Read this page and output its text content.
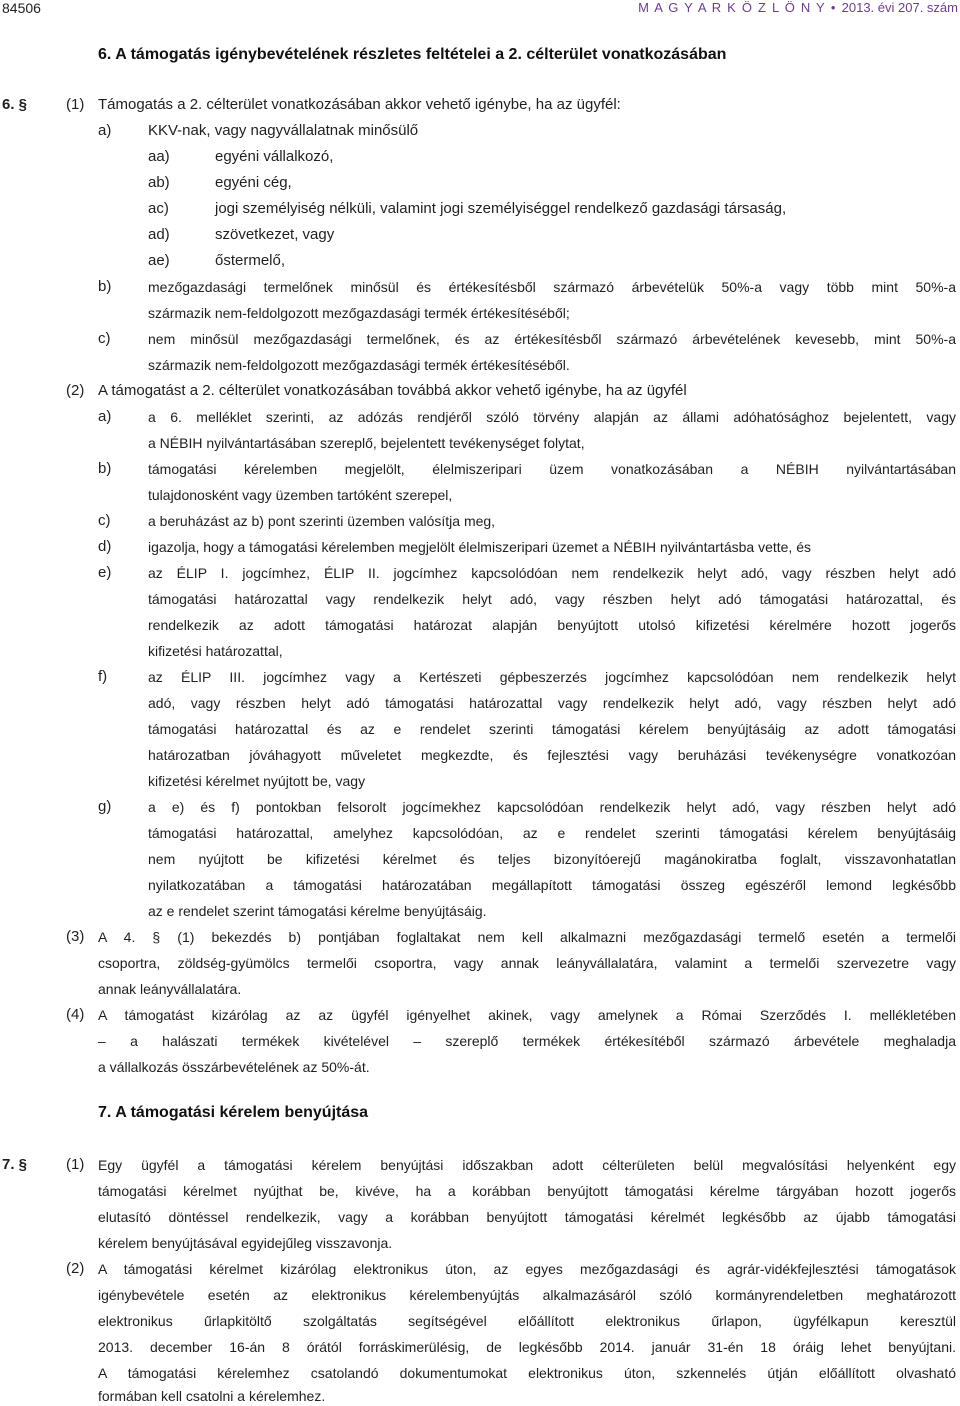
84506	M A G Y A R K Ö Z L Ö N Y • 2013. évi 207. szám
6. A támogatás igénybevételének részletes feltételei a 2. célterület vonatkozásában
6. §	(1) Támogatás a 2. célterület vonatkozásában akkor vehető igénybe, ha az ügyfél:
a) KKV-nak, vagy nagyvállalatnak minősülő
aa)	egyéni vállalkozó,
ab)	egyéni cég,
ac)	jogi személyiség nélküli, valamint jogi személyiséggel rendelkező gazdasági társaság,
ad)	szövetkezet, vagy
ae)	őstermelő,
b)	mezőgazdasági termelőnek minősül és értékesítésből származó árbevételük 50%-a vagy több mint 50%-a
származik nem-feldolgozott mezőgazdasági termék értékesítéséből;
c)	nem minősül mezőgazdasági termelőnek, és az értékesítésből származó árbevételének kevesebb, mint 50%-a
származik nem-feldolgozott mezőgazdasági termék értékesítéséből.
(2) A támogatást a 2. célterület vonatkozásában továbbá akkor vehető igénybe, ha az ügyfél
a)	a 6. melléklet szerinti, az adózás rendjéről szóló törvény alapján az állami adóhatósághoz bejelentett, vagy
a NÉBIH nyilvántartásában szereplő, bejelentett tevékenységet folytat,
b)	támogatási kérelemben megjelölt, élelmiszeripari üzem vonatkozásában a NÉBIH nyilvántartásában
tulajdonosként vagy üzemben tartóként szerepel,
c)	a beruházást az b) pont szerinti üzemben valósítja meg,
d)	igazolja, hogy a támogatási kérelemben megjelölt élelmiszeripari üzemet a NÉBIH nyilvántartásba vette, és
e)	az ÉLIP I. jogcímhez, ÉLIP II. jogcímhez kapcsolódóan nem rendelkezik helyt adó, vagy részben helyt adó
támogatási határozattal vagy rendelkezik helyt adó, vagy részben helyt adó támogatási határozattal, és
rendelkezik az adott támogatási határozat alapján benyújtott utolsó kifizetési kérelmére hozott jogerős
kifizetési határozattal,
f)	az ÉLIP III. jogcímhez vagy a Kertészeti gépbeszerzés jogcímhez kapcsolódóan nem rendelkezik helyt
adó, vagy részben helyt adó támogatási határozattal vagy rendelkezik helyt adó, vagy részben helyt adó
támogatási határozattal és az e rendelet szerinti támogatási kérelem benyújtásáig az adott támogatási
határozatban jóváhagyott műveletet megkezdte, és fejlesztési vagy beruházási tevékenységre vonatkozóan
kifizetési kérelmet nyújtott be, vagy
g)	a e) és f) pontokban felsorolt jogcímekhez kapcsolódóan rendelkezik helyt adó, vagy részben helyt adó
támogatási határozattal, amelyhez kapcsolódóan, az e rendelet szerinti támogatási kérelem benyújtásáig
nem nyújtott be kifizetési kérelmet és teljes bizonyítóerejű magánokiratba foglalt, visszavonhatatlan
nyilatkozatában a támogatási határozatában megállapított támogatási összeg egészéről lemond legkésőbb
az e rendelet szerint támogatási kérelme benyújtásáig.
(3) A 4. § (1) bekezdés b) pontjában foglaltakat nem kell alkalmazni mezőgazdasági termelő esetén a termelői
csoportra, zöldség-gyümölcs termelői csoportra, vagy annak leányvállalatára, valamint a termelői szervezetre vagy
annak leányvállalatára.
(4) A támogatást kizárólag az az ügyfél igényelhet akinek, vagy amelynek a Római Szerződés I. mellékletében
– a halászati termékek kivételével – szereplő termékek értékesítéből származó árbevétele meghaladja
a vállalkozás összárbevételének az 50%-át.
7. A támogatási kérelem benyújtása
7. §	(1) Egy ügyfél a támogatási kérelem benyújtási időszakban adott célterületen belül megvalósítási helyenként egy
támogatási kérelmet nyújthat be, kivéve, ha a korábban benyújtott támogatási kérelme tárgyában hozott jogerős
elutasító döntéssel rendelkezik, vagy a korábban benyújtott támogatási kérelmét legkésőbb az újabb támogatási
kérelem benyújtásával egyidejűleg visszavonja.
(2) A támogatási kérelmet kizárólag elektronikus úton, az egyes mezőgazdasági és agrár-vidékfejlesztési támogatások
igénybevétele esetén az elektronikus kérelembenyújtás alkalmazásáról szóló kormányrendeletben meghatározott
elektronikus űrlapkitöltő szolgáltatás segítségével előállított elektronikus űrlapon, ügyfélkapun keresztül
2013. december 16-án 8 órától forráskimerülésig, de legkésőbb 2014. január 31-én 18 óráig lehet benyújtani.
A támogatási kérelemhez csatolandó dokumentumokat elektronikus úton, szkennelés útján előállított olvasható
formában kell csatolni a kérelemhez.
